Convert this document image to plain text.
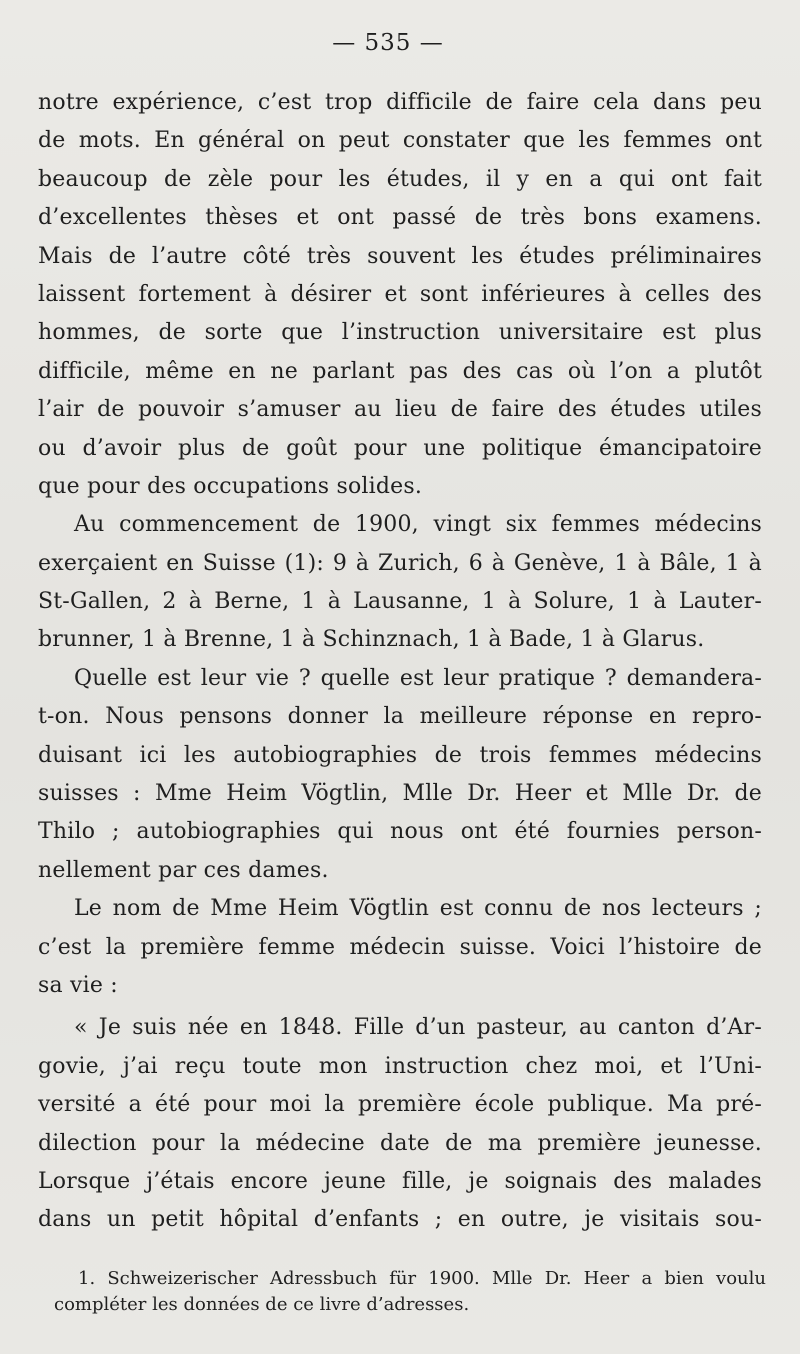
— 535 —
notre expérience, c’est trop difficile de faire cela dans peu
de mots. En général on peut constater que les femmes ont
beaucoup de zèle pour les études, il y en a qui ont fait
d’excellentes thèses et ont passé de très bons examens.
Mais de l’autre côté très souvent les études préliminaires
laissent fortement à désirer et sont inférieures à celles des
hommes, de sorte que l’instruction universitaire est plus
difficile, même en ne parlant pas des cas où l’on a plutôt
l’air de pouvoir s’amuser au lieu de faire des études utiles
ou d’avoir plus de goût pour une politique émancipatoire
que pour des occupations solides.
Au commencement de 1900, vingt six femmes médecins
exerçaient en Suisse (1): 9 à Zurich, 6 à Genève, 1 à Bâle, 1 à
St-Gallen, 2 à Berne, 1 à Lausanne, 1 à Solure, 1 à Lauter-
brunner, 1 à Brenne, 1 à Schinznach, 1 à Bade, 1 à Glarus.
Quelle est leur vie ? quelle est leur pratique ? demandera-
t-on. Nous pensons donner la meilleure réponse en repro-
duisant ici les autobiographies de trois femmes médecins
suisses : Mme Heim Vögtlin, Mlle Dr. Heer et Mlle Dr. de
Thilo ; autobiographies qui nous ont été fournies person-
nellement par ces dames.
Le nom de Mme Heim Vögtlin est connu de nos lecteurs ;
c’est la première femme médecin suisse. Voici l’histoire de
sa vie :
« Je suis née en 1848. Fille d’un pasteur, au canton d’Ar-
govie, j’ai reçu toute mon instruction chez moi, et l’Uni-
versité a été pour moi la première école publique. Ma pré-
dilection pour la médecine date de ma première jeunesse.
Lorsque j’étais encore jeune fille, je soignais des malades
dans un petit hôpital d’enfants ; en outre, je visitais sou-
1. Schweizerischer Adressbuch für 1900. Mlle Dr. Heer a bien voulu
compléter les données de ce livre d’adresses.
